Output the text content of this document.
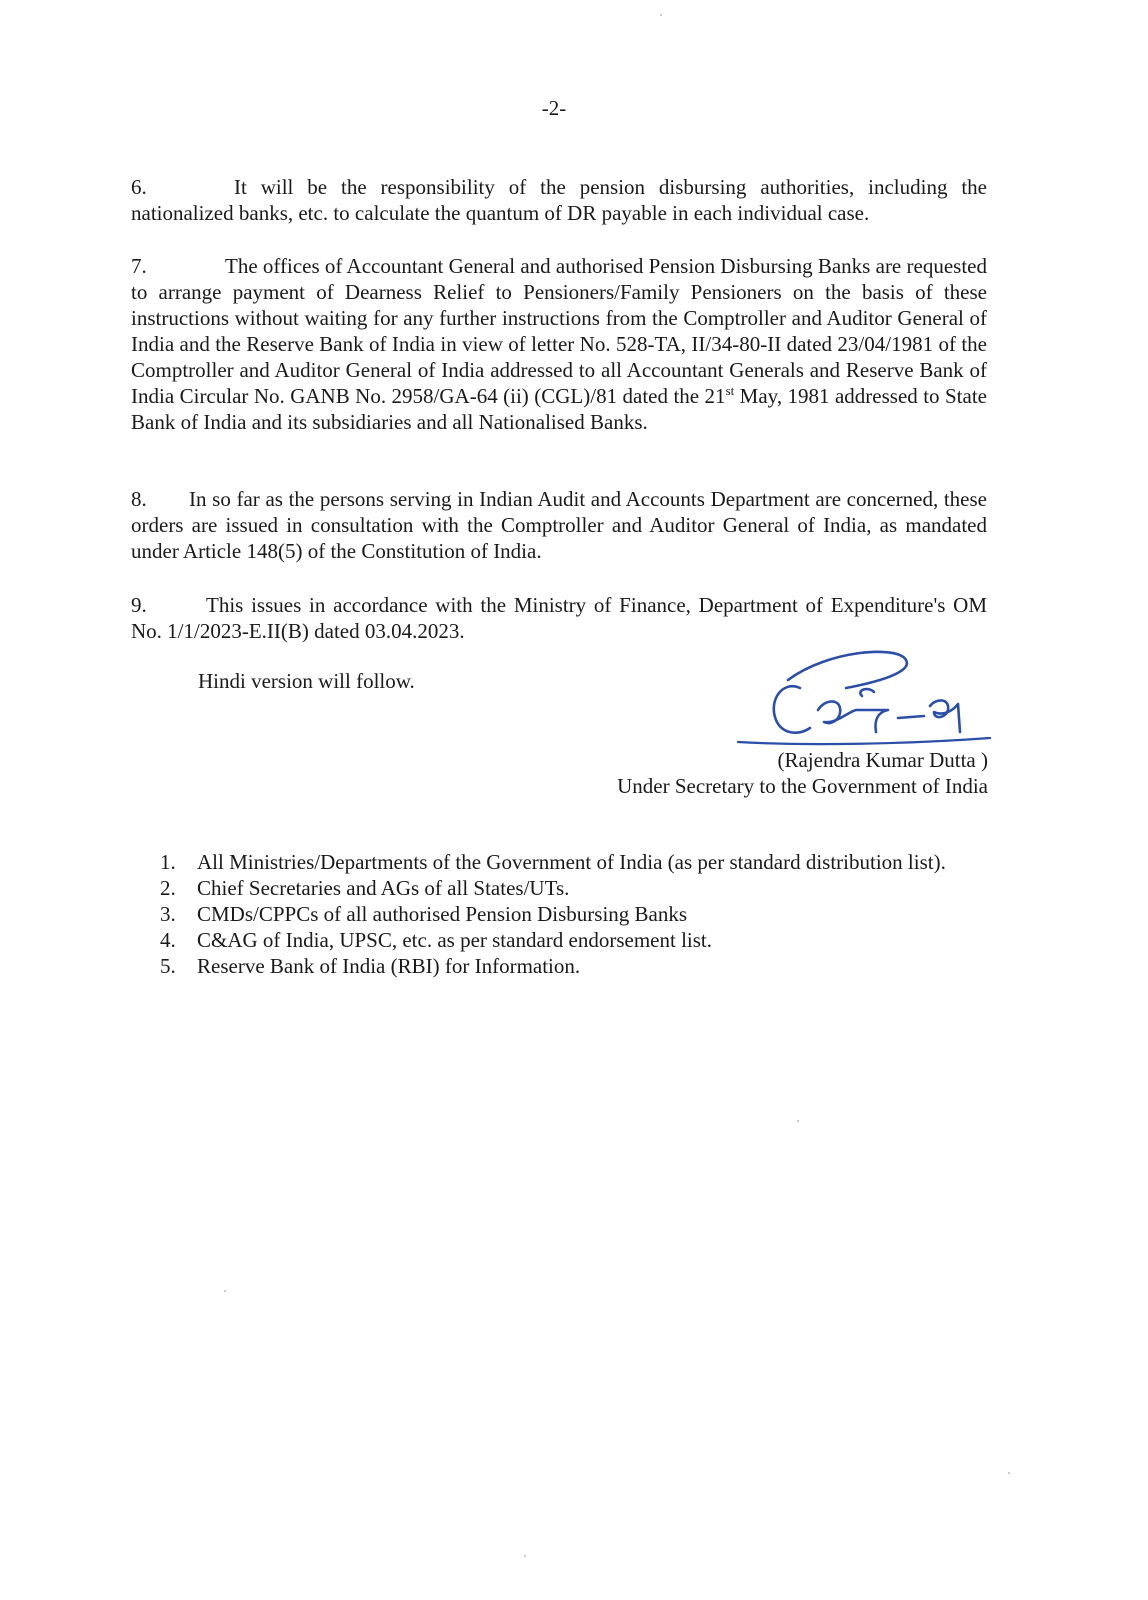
-2-

6.	It will be the responsibility of the pension disbursing authorities, including the nationalized banks, etc. to calculate the quantum of DR payable in each individual case.

7.	The offices of Accountant General and authorised Pension Disbursing Banks are requested to arrange payment of Dearness Relief to Pensioners/Family Pensioners on the basis of these instructions without waiting for any further instructions from the Comptroller and Auditor General of India and the Reserve Bank of India in view of letter No. 528-TA, II/34-80-II dated 23/04/1981 of the Comptroller and Auditor General of India addressed to all Accountant Generals and Reserve Bank of India Circular No. GANB No. 2958/GA-64 (ii) (CGL)/81 dated the 21st May, 1981 addressed to State Bank of India and its subsidiaries and all Nationalised Banks.

8. In so far as the persons serving in Indian Audit and Accounts Department are concerned, these orders are issued in consultation with the Comptroller and Auditor General of India, as mandated under Article 148(5) of the Constitution of India.

9.	This issues in accordance with the Ministry of Finance, Department of Expenditure's OM No. 1/1/2023-E.II(B) dated 03.04.2023.

Hindi version will follow.
(Rajendra Kumar Dutta )
Under Secretary to the Government of India
1. All Ministries/Departments of the Government of India (as per standard distribution list).
2. Chief Secretaries and AGs of all States/UTs.
3. CMDs/CPPCs of all authorised Pension Disbursing Banks
4. C&AG of India, UPSC, etc. as per standard endorsement list.
5. Reserve Bank of India (RBI) for Information.
